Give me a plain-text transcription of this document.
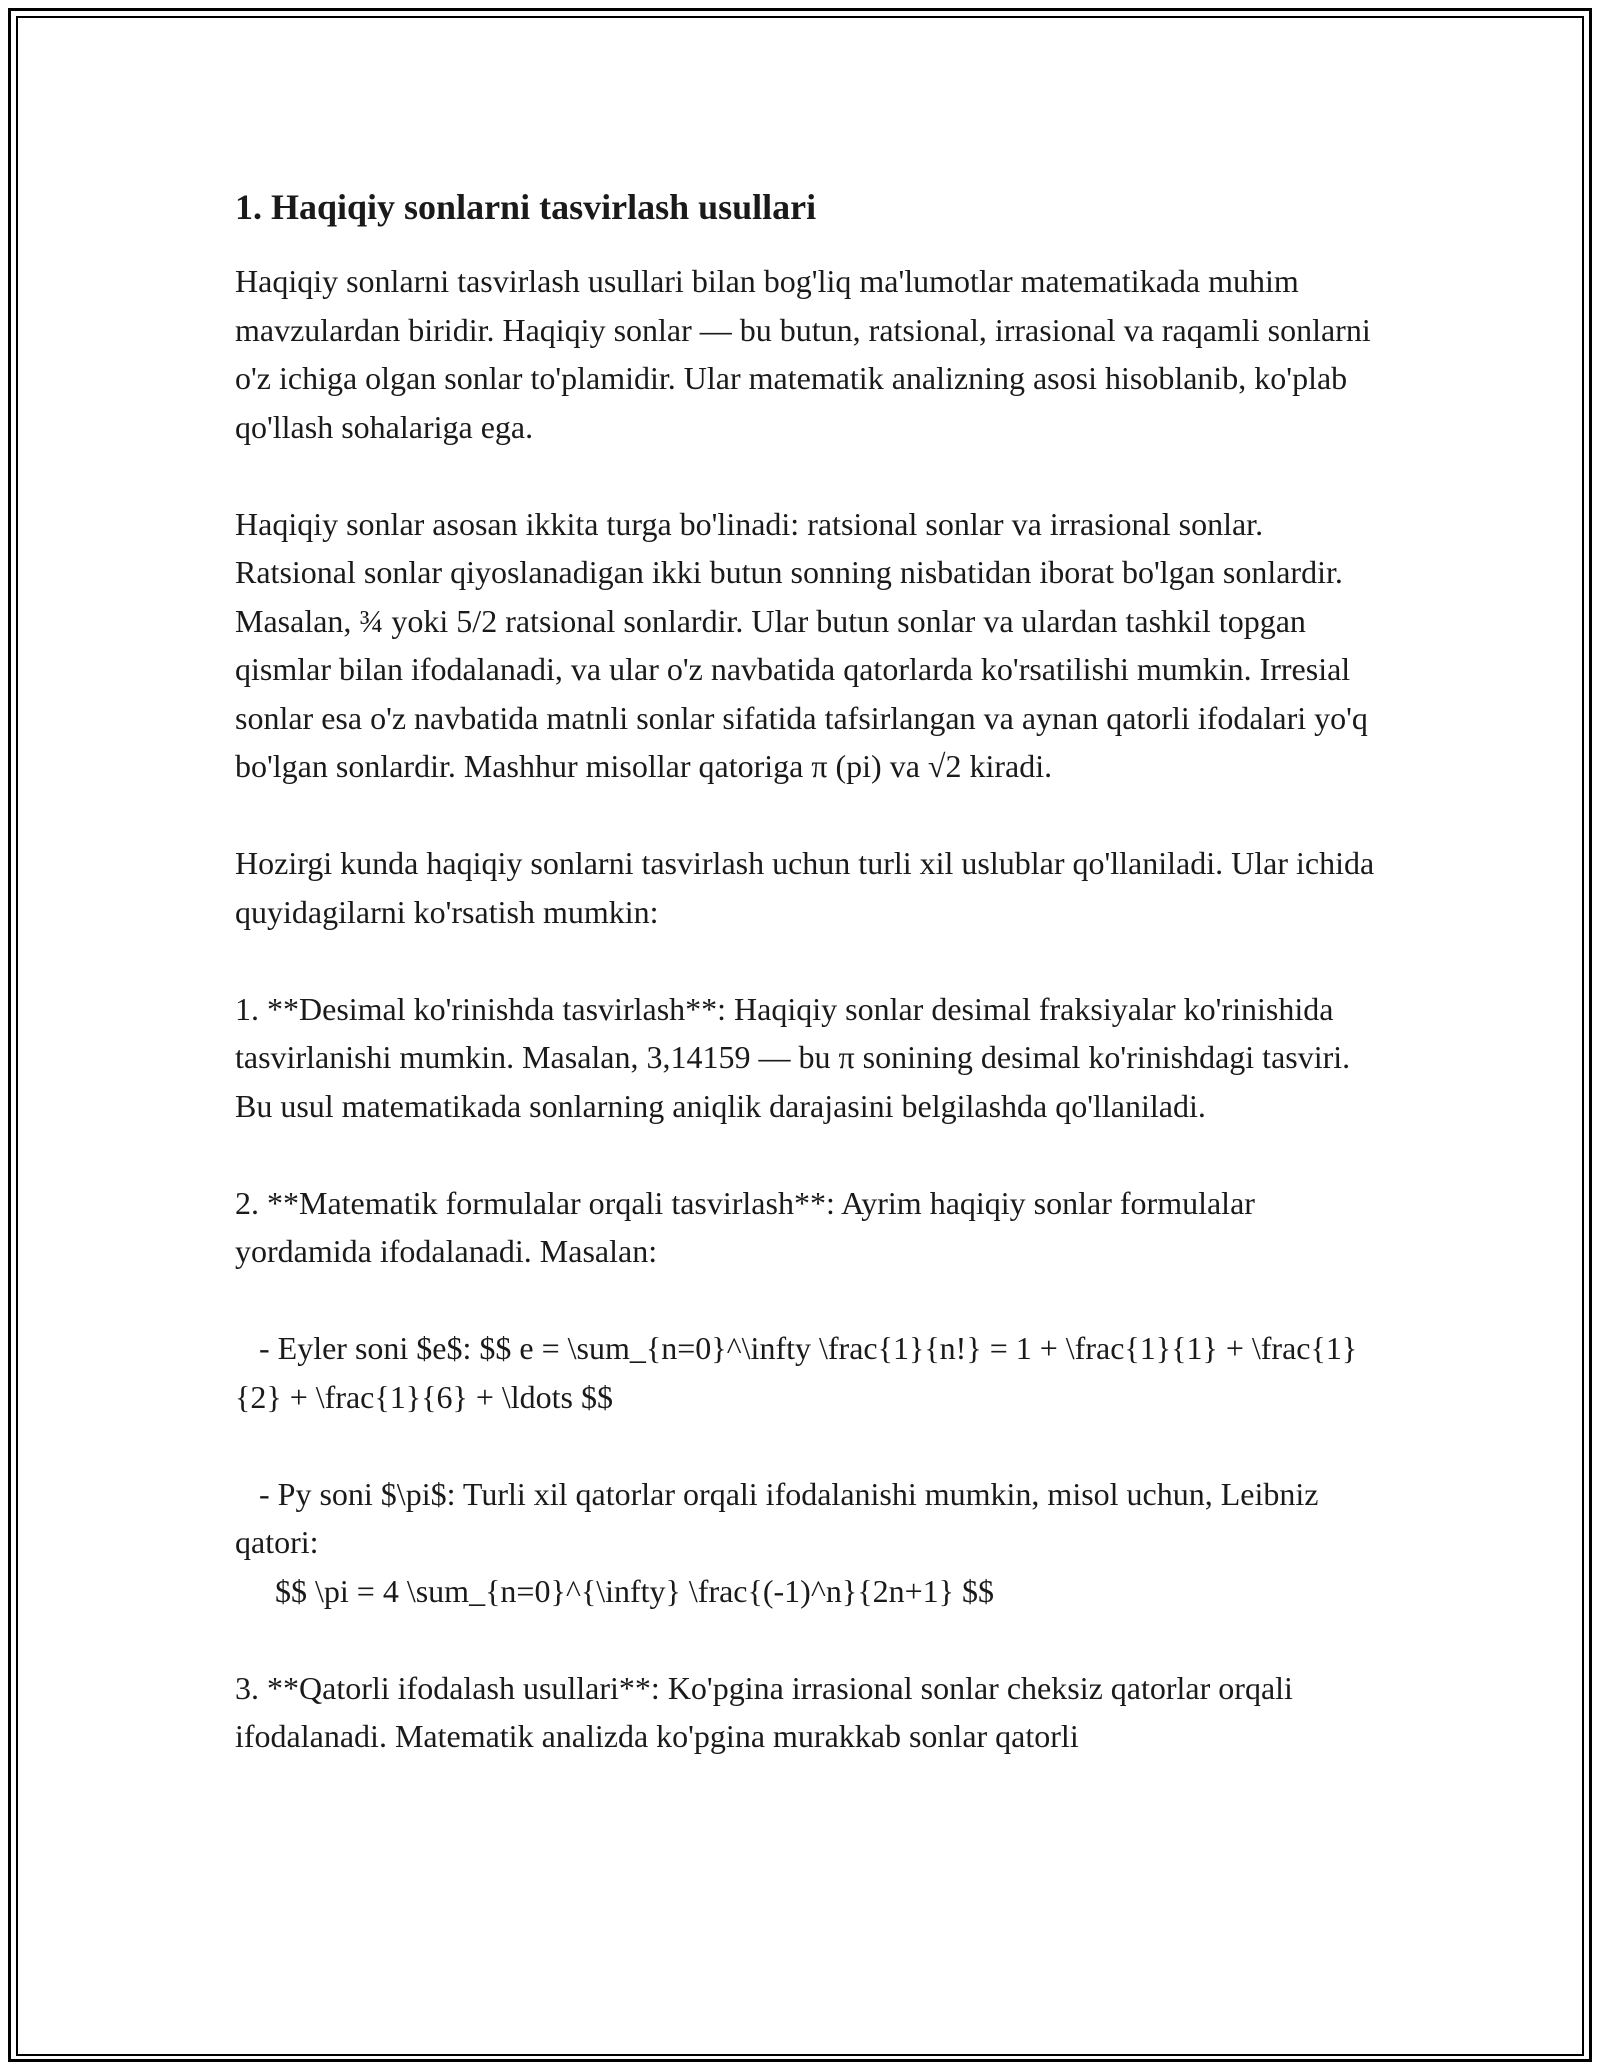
1. Haqiqiy sonlarni tasvirlash usullari

Haqiqiy sonlarni tasvirlash usullari bilan bog'liq ma'lumotlar matematikada muhim mavzulardan biridir. Haqiqiy sonlar — bu butun, ratsional, irrasional va raqamli sonlarni o'z ichiga olgan sonlar to'plamidir. Ular matematik analizning asosi hisoblanib, ko'plab qo'llash sohalariga ega.

Haqiqiy sonlar asosan ikkita turga bo'linadi: ratsional sonlar va irrasional sonlar. Ratsional sonlar qiyoslanadigan ikki butun sonning nisbatidan iborat bo'lgan sonlardir. Masalan, ¾ yoki 5/2 ratsional sonlardir. Ular butun sonlar va ulardan tashkil topgan qismlar bilan ifodalanadi, va ular o'z navbatida qatorlarda ko'rsatilishi mumkin. Irresial sonlar esa o'z navbatida matnli sonlar sifatida tafsirlangan va aynan qatorli ifodalari yo'q bo'lgan sonlardir. Mashhur misollar qatoriga π (pi) va √2 kiradi.

Hozirgi kunda haqiqiy sonlarni tasvirlash uchun turli xil uslublar qo'llaniladi. Ular ichida quyidagilarni ko'rsatish mumkin:

1. **Desimal ko'rinishda tasvirlash**: Haqiqiy sonlar desimal fraksiyalar ko'rinishida tasvirlanishi mumkin. Masalan, 3,14159 — bu π sonining desimal ko'rinishdagi tasviri. Bu usul matematikada sonlarning aniqlik darajasini belgilashda qo'llaniladi.

2. **Matematik formulalar orqali tasvirlash**: Ayrim haqiqiy sonlar formulalar yordamida ifodalanadi. Masalan:

- Eyler soni $e$: $$ e = \sum_{n=0}^\infty \frac{1}{n!} = 1 + \frac{1}{1} + \frac{1}{2} + \frac{1}{6} + \ldots $$

- Py soni $\pi$: Turli xil qatorlar orqali ifodalanishi mumkin, misol uchun, Leibniz qatori:
$$ \pi = 4 \sum_{n=0}^{\infty} \frac{(-1)^n}{2n+1} $$

3. **Qatorli ifodalash usullari**: Ko'pgina irrasional sonlar cheksiz qatorlar orqali ifodalanadi. Matematik analizda ko'pgina murakkab sonlar qatorli
